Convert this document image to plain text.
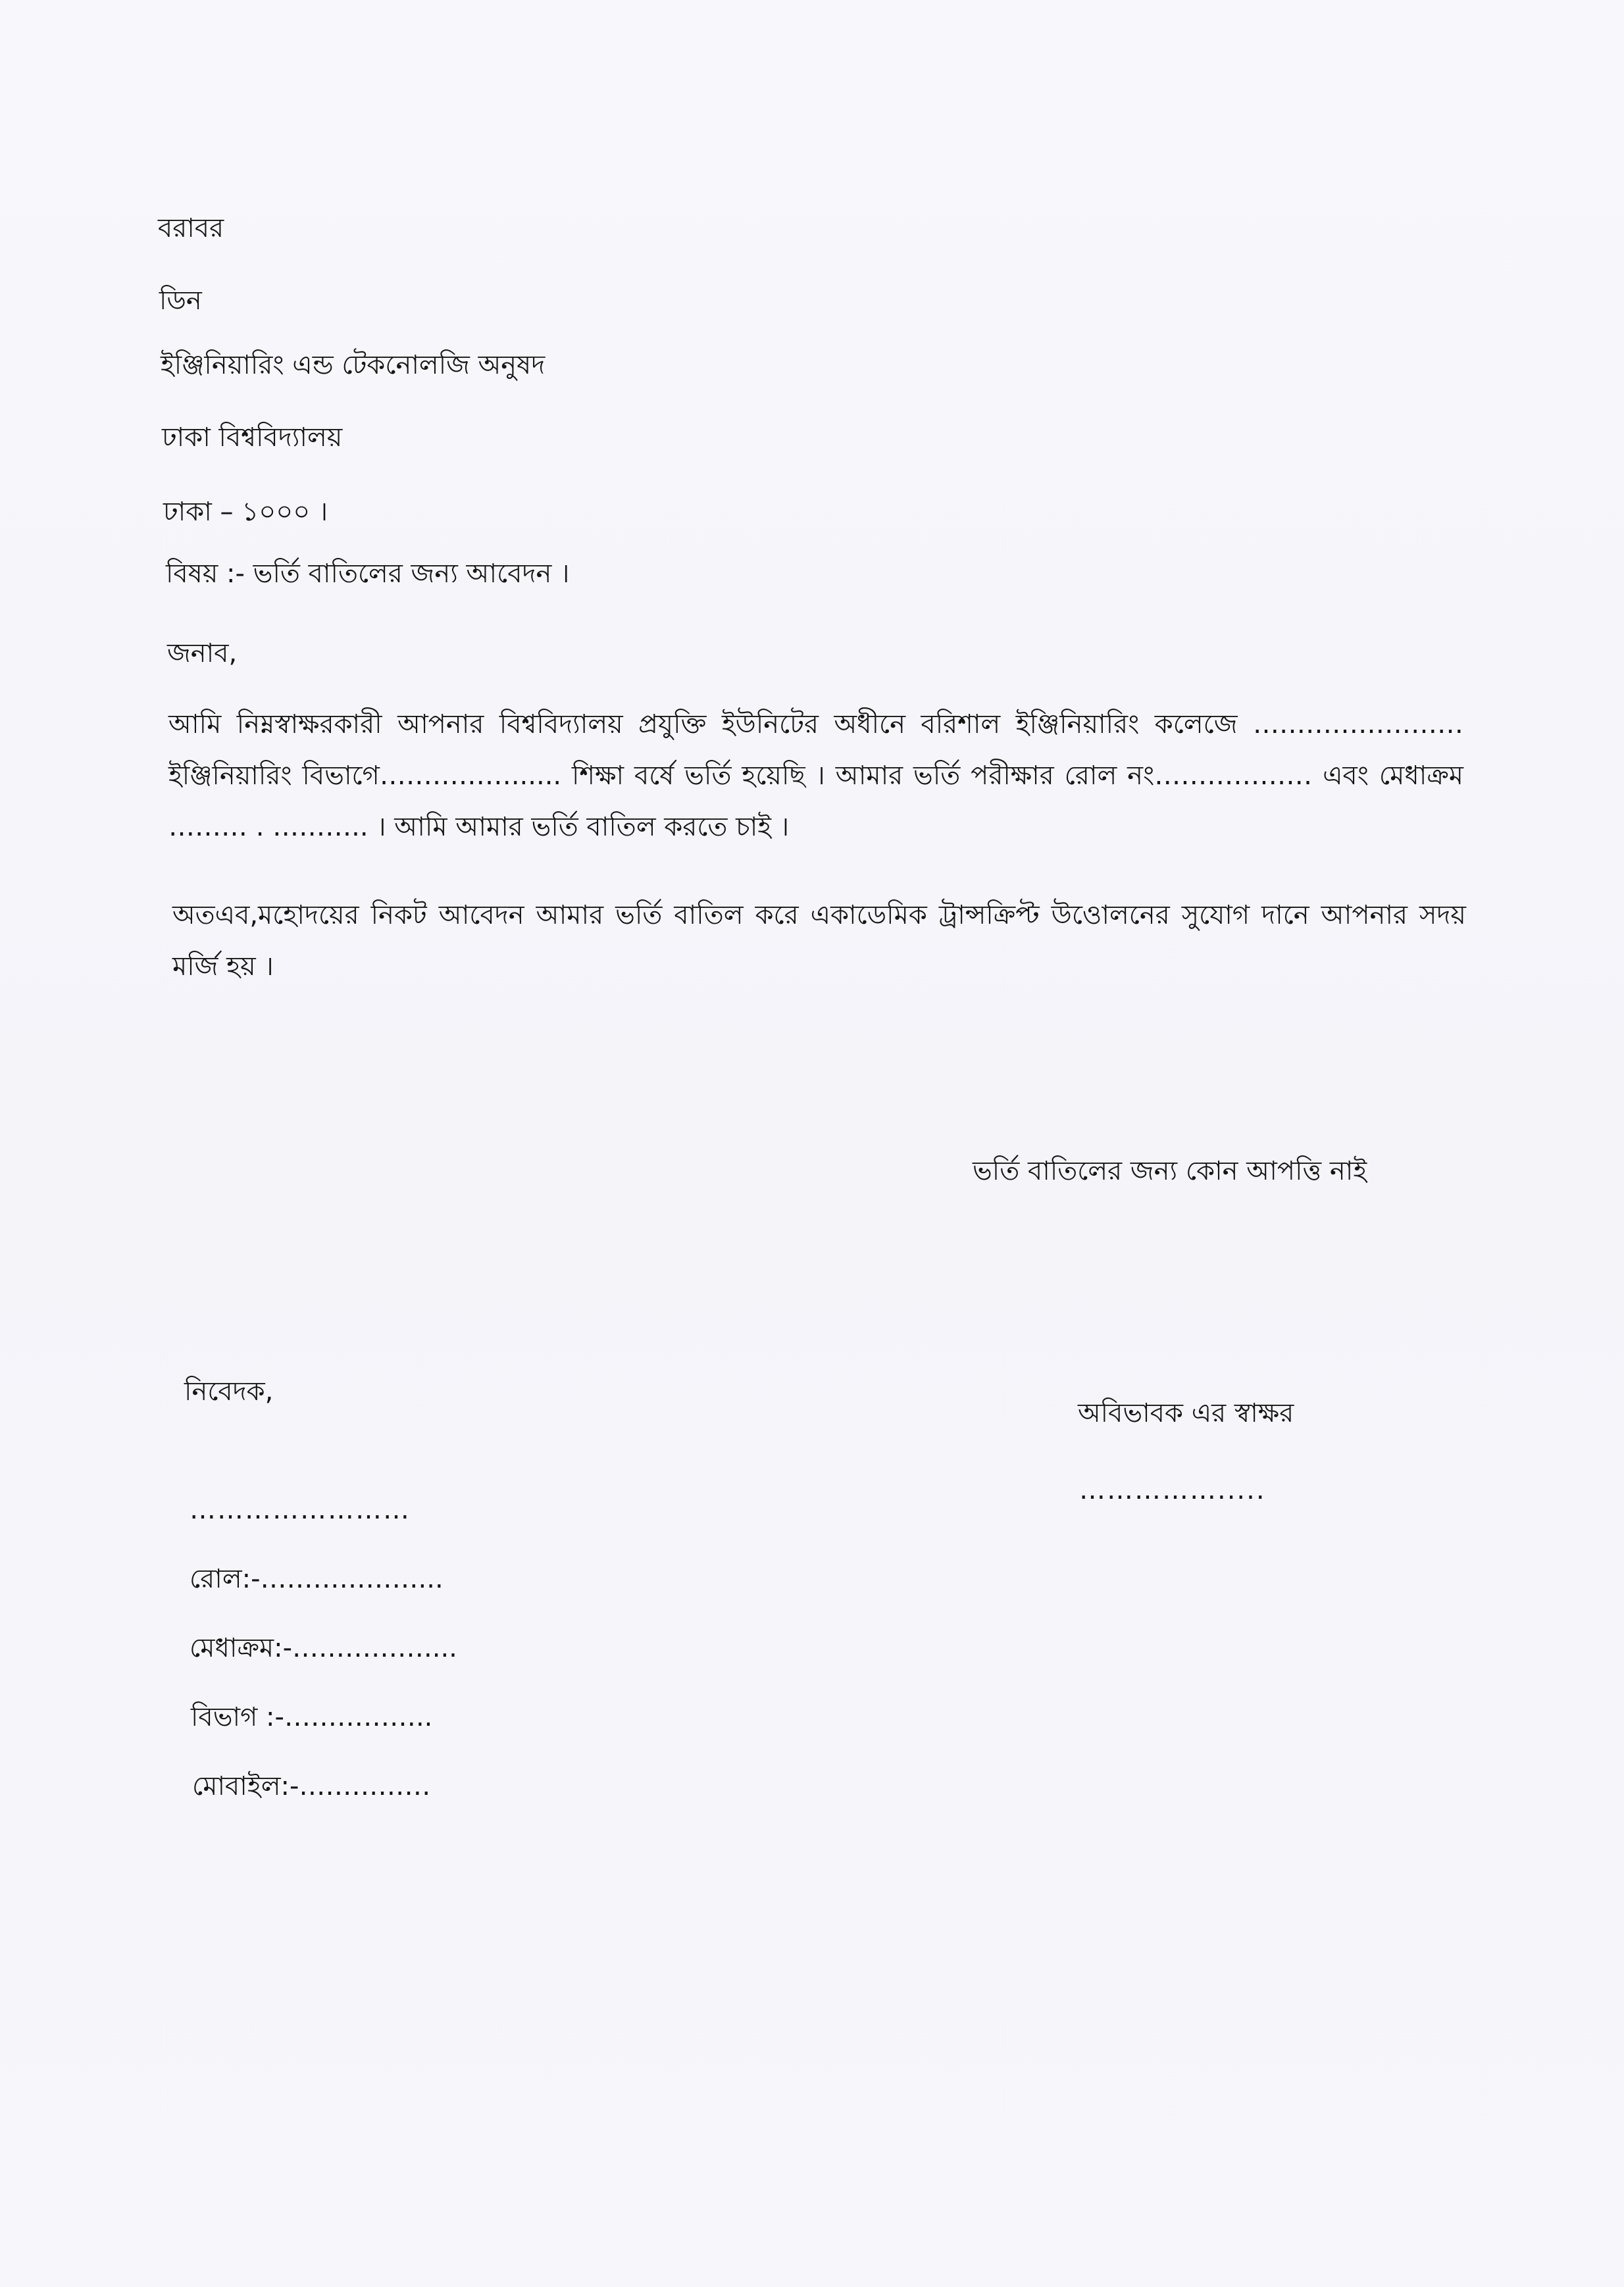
বরাবর
ডিন
ইঞ্জিনিয়ারিং এন্ড টেকনোলজি অনুষদ
ঢাকা বিশ্ববিদ্যালয়
ঢাকা – ১০০০ ।
বিষয় :- ভর্তি বাতিলের জন্য আবেদন ।
জনাব,
আমি নিম্নস্বাক্ষরকারী আপনার বিশ্ববিদ্যালয় প্রযুক্তি ইউনিটের অধীনে বরিশাল ইঞ্জিনিয়ারিং কলেজে …………………… ইঞ্জিনিয়ারিং বিভাগে……………...... শিক্ষা বর্ষে ভর্তি হয়েছি । আমার ভর্তি পরীক্ষার রোল নং……………… এবং মেধাক্রম ……… . ……….. । আমি আমার ভর্তি বাতিল করতে চাই ।
অতএব,মহোদয়ের নিকট আবেদন আমার ভর্তি বাতিল করে একাডেমিক ট্রান্সক্রিপ্ট উওোলনের সুযোগ দানে আপনার সদয় মর্জি হয় ।
ভর্তি বাতিলের জন্য কোন আপত্তি নাই
নিবেদক,
……………………
রোল:-………………...
মেধাক্রম:-……………....
বিভাগ :-……………..
মোবাইল:-……………
অবিভাবক এর স্বাক্ষর
…………….....
